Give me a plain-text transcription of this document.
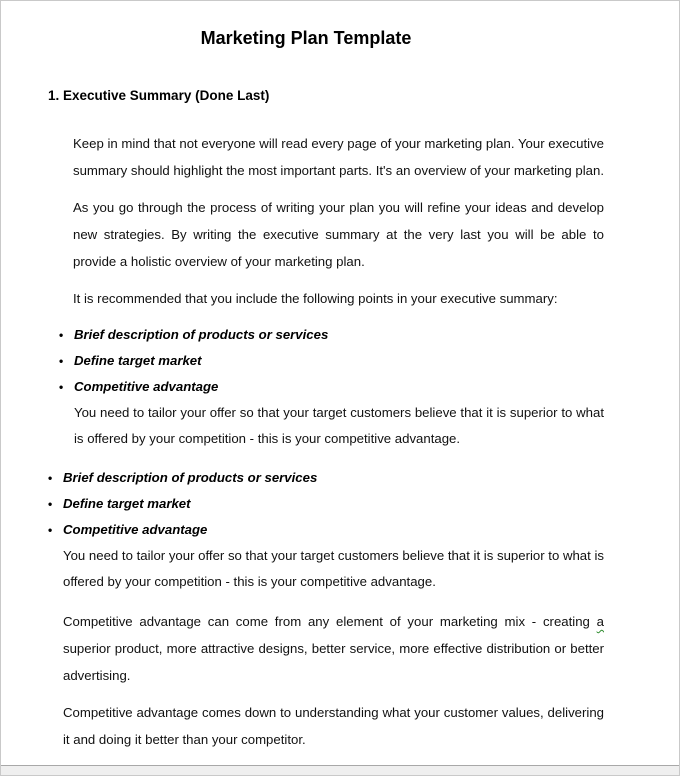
Marketing Plan Template
1. Executive Summary (Done Last)

Keep in mind that not everyone will read every page of your marketing plan. Your executive summary should highlight the most important parts. It's an overview of your marketing plan.

As you go through the process of writing your plan you will refine your ideas and develop new strategies. By writing the executive summary at the very last you will be able to provide a holistic overview of your marketing plan.

It is recommended that you include the following points in your executive summary:

• Brief description of products or services
• Define target market
• Competitive advantage

You need to tailor your offer so that your target customers believe that it is superior to what is offered by your competition - this is your competitive advantage.

• Brief description of products or services
• Define target market
• Competitive advantage

You need to tailor your offer so that your target customers believe that it is superior to what is offered by your competition - this is your competitive advantage.

Competitive advantage can come from any element of your marketing mix - creating a superior product, more attractive designs, better service, more effective distribution or better advertising.

Competitive advantage comes down to understanding what your customer values, delivering it and doing it better than your competitor.
